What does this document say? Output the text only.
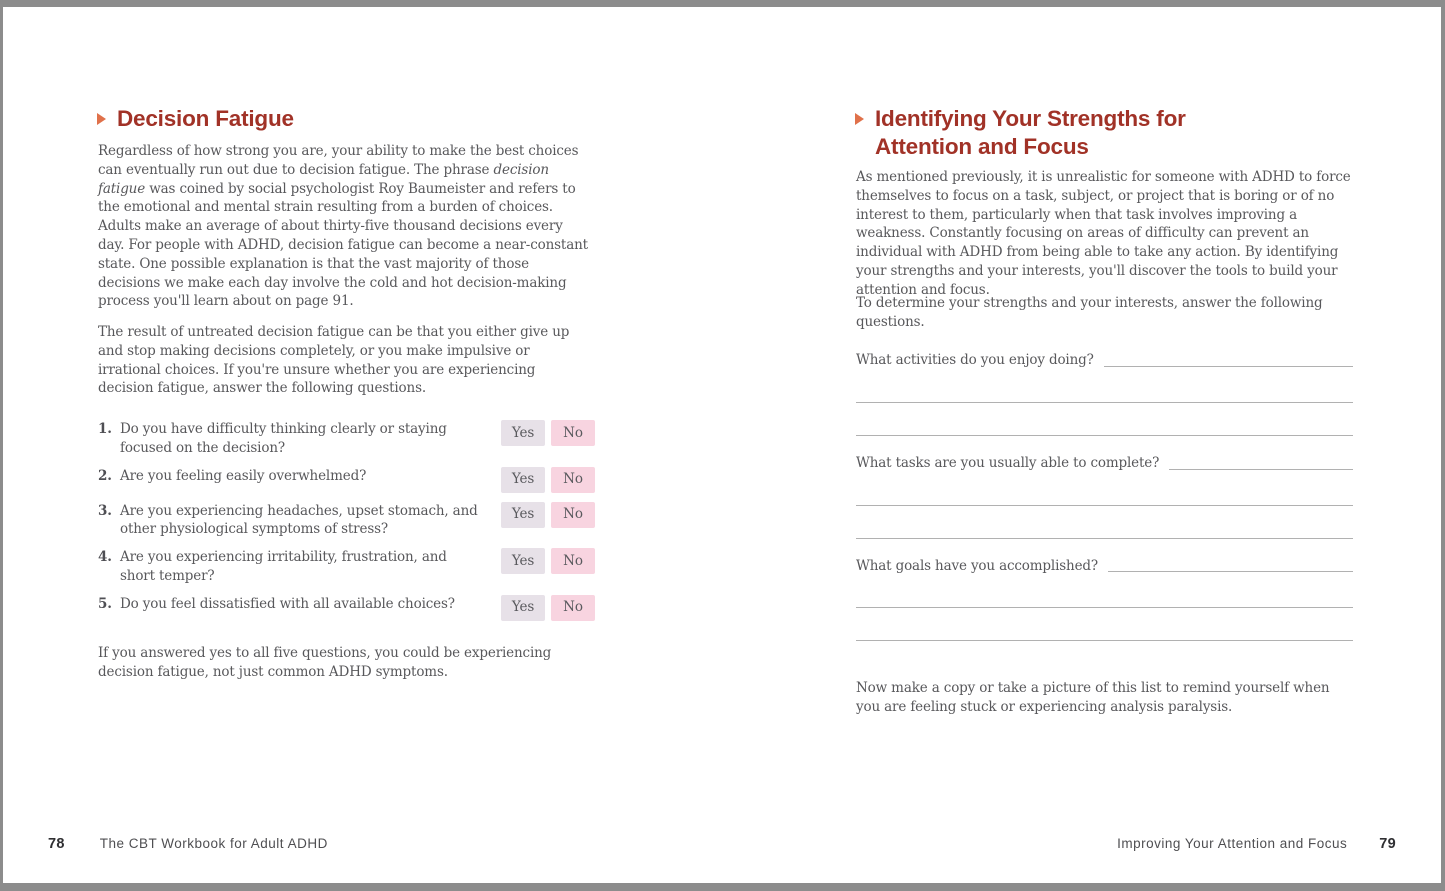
Decision Fatigue
Regardless of how strong you are, your ability to make the best choices can eventually run out due to decision fatigue. The phrase decision fatigue was coined by social psychologist Roy Baumeister and refers to the emotional and mental strain resulting from a burden of choices. Adults make an average of about thirty-five thousand decisions every day. For people with ADHD, decision fatigue can become a near-constant state. One possible explanation is that the vast majority of those decisions we make each day involve the cold and hot decision-making process you'll learn about on page 91.
The result of untreated decision fatigue can be that you either give up and stop making decisions completely, or you make impulsive or irrational choices. If you're unsure whether you are experiencing decision fatigue, answer the following questions.
1. Do you have difficulty thinking clearly or staying focused on the decision?
Yes	No
2. Are you feeling easily overwhelmed?	Yes	No
3. Are you experiencing headaches, upset stomach, and other physiological symptoms of stress?
Yes	No
4. Are you experiencing irritability, frustration, and short temper?
Yes	No
5. Do you feel dissatisfied with all available choices?	Yes	No
If you answered yes to all five questions, you could be experiencing decision fatigue, not just common ADHD symptoms.
78	The CBT Workbook for Adult ADHD
Identifying Your Strengths for
Attention and Focus
As mentioned previously, it is unrealistic for someone with ADHD to force themselves to focus on a task, subject, or project that is boring or of no interest to them, particularly when that task involves improving a weakness. Constantly focusing on areas of difficulty can prevent an individual with ADHD from being able to take any action. By identifying your strengths and your interests, you'll discover the tools to build your attention and focus.
To determine your strengths and your interests, answer the following questions.
What activities do you enjoy doing?
What tasks are you usually able to complete?
What goals have you accomplished?
Now make a copy or take a picture of this list to remind yourself when you are feeling stuck or experiencing analysis paralysis.
Improving Your Attention and Focus 79
